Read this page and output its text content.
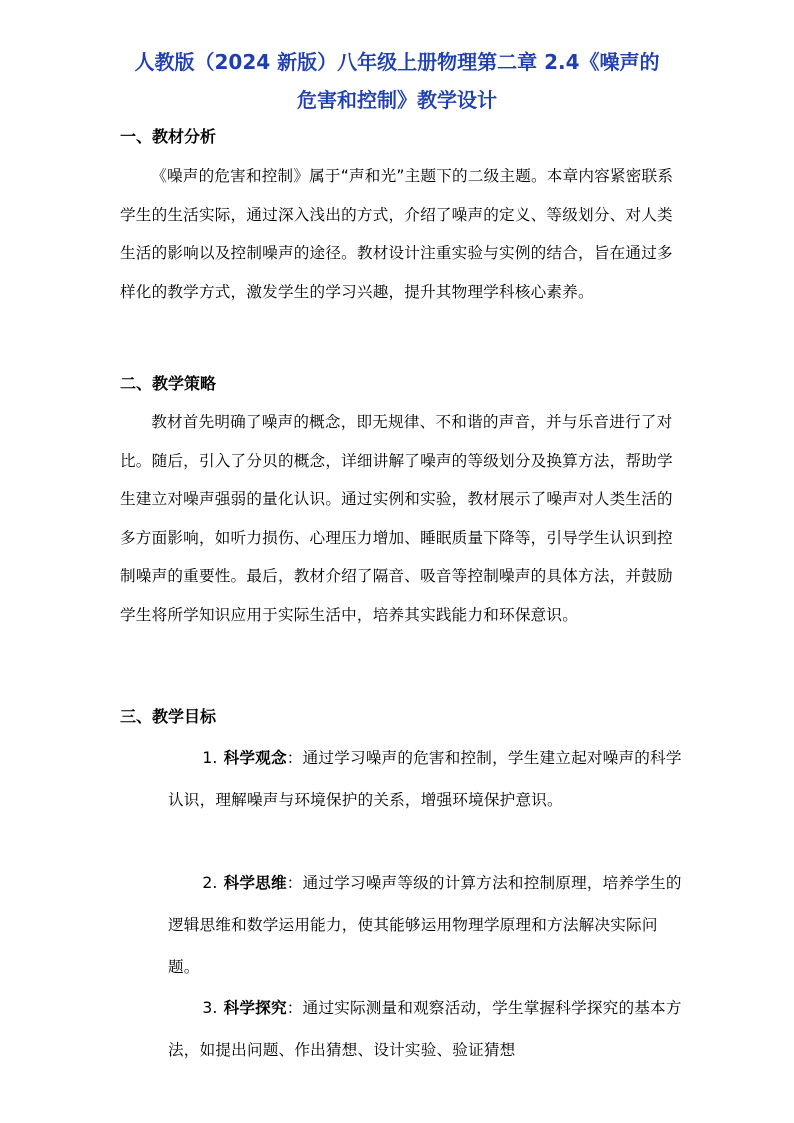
人教版（2024 新版）八年级上册物理第二章 2.4《噪声的
危害和控制》教学设计
一、教材分析

《噪声的危害和控制》属于“声和光”主题下的二级主题。本章内容紧密联系学生的生活实际，通过深入浅出的方式，介绍了噪声的定义、等级划分、对人类生活的影响以及控制噪声的途径。教材设计注重实验与实例的结合，旨在通过多样化的教学方式，激发学生的学习兴趣，提升其物理学科核心素养。

二、教学策略

教材首先明确了噪声的概念，即无规律、不和谐的声音，并与乐音进行了对比。随后，引入了分贝的概念，详细讲解了噪声的等级划分及换算方法，帮助学生建立对噪声强弱的量化认识。通过实例和实验，教材展示了噪声对人类生活的多方面影响，如听力损伤、心理压力增加、睡眠质量下降等，引导学生认识到控制噪声的重要性。最后，教材介绍了隔音、吸音等控制噪声的具体方法，并鼓励学生将所学知识应用于实际生活中，培养其实践能力和环保意识。

三、教学目标

1. 科学观念：通过学习噪声的危害和控制，学生建立起对噪声的科学认识，理解噪声与环境保护的关系，增强环境保护意识。

2. 科学思维：通过学习噪声等级的计算方法和控制原理，培养学生的逻辑思维和数学运用能力，使其能够运用物理学原理和方法解决实际问题。

3. 科学探究：通过实际测量和观察活动，学生掌握科学探究的基本方法，如提出问题、作出猜想、设计实验、验证猜想
